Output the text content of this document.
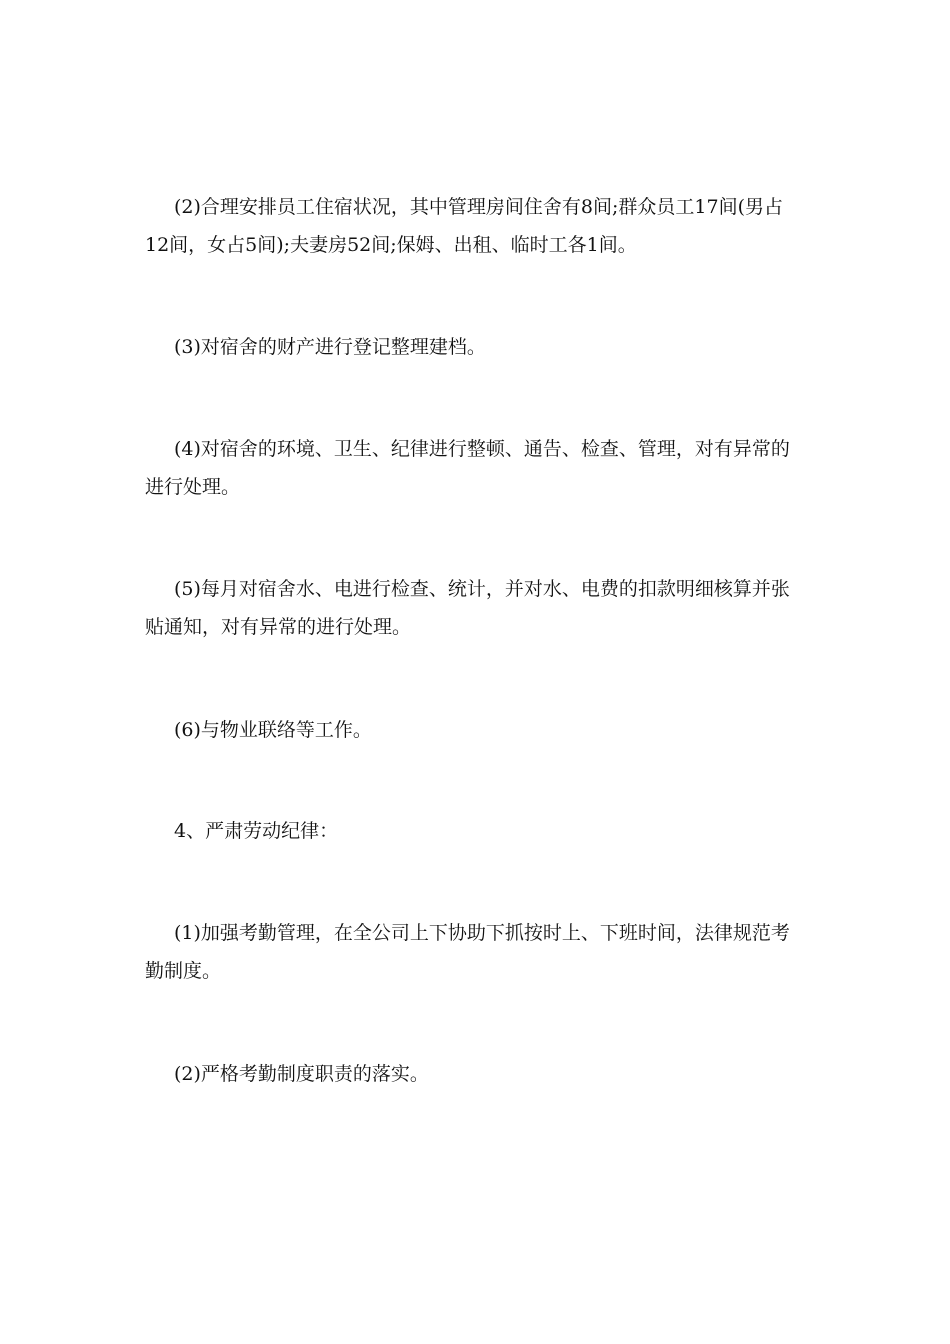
(2)合理安排员工住宿状况，其中管理房间住舍有8间;群众员工17间(男占
12间，女占5间);夫妻房52间;保姆、出租、临时工各1间。

(3)对宿舍的财产进行登记整理建档。

(4)对宿舍的环境、卫生、纪律进行整顿、通告、检查、管理，对有异常的
进行处理。

(5)每月对宿舍水、电进行检查、统计，并对水、电费的扣款明细核算并张
贴通知，对有异常的进行处理。

(6)与物业联络等工作。

4、严肃劳动纪律：

(1)加强考勤管理，在全公司上下协助下抓按时上、下班时间，法律规范考
勤制度。

(2)严格考勤制度职责的落实。
